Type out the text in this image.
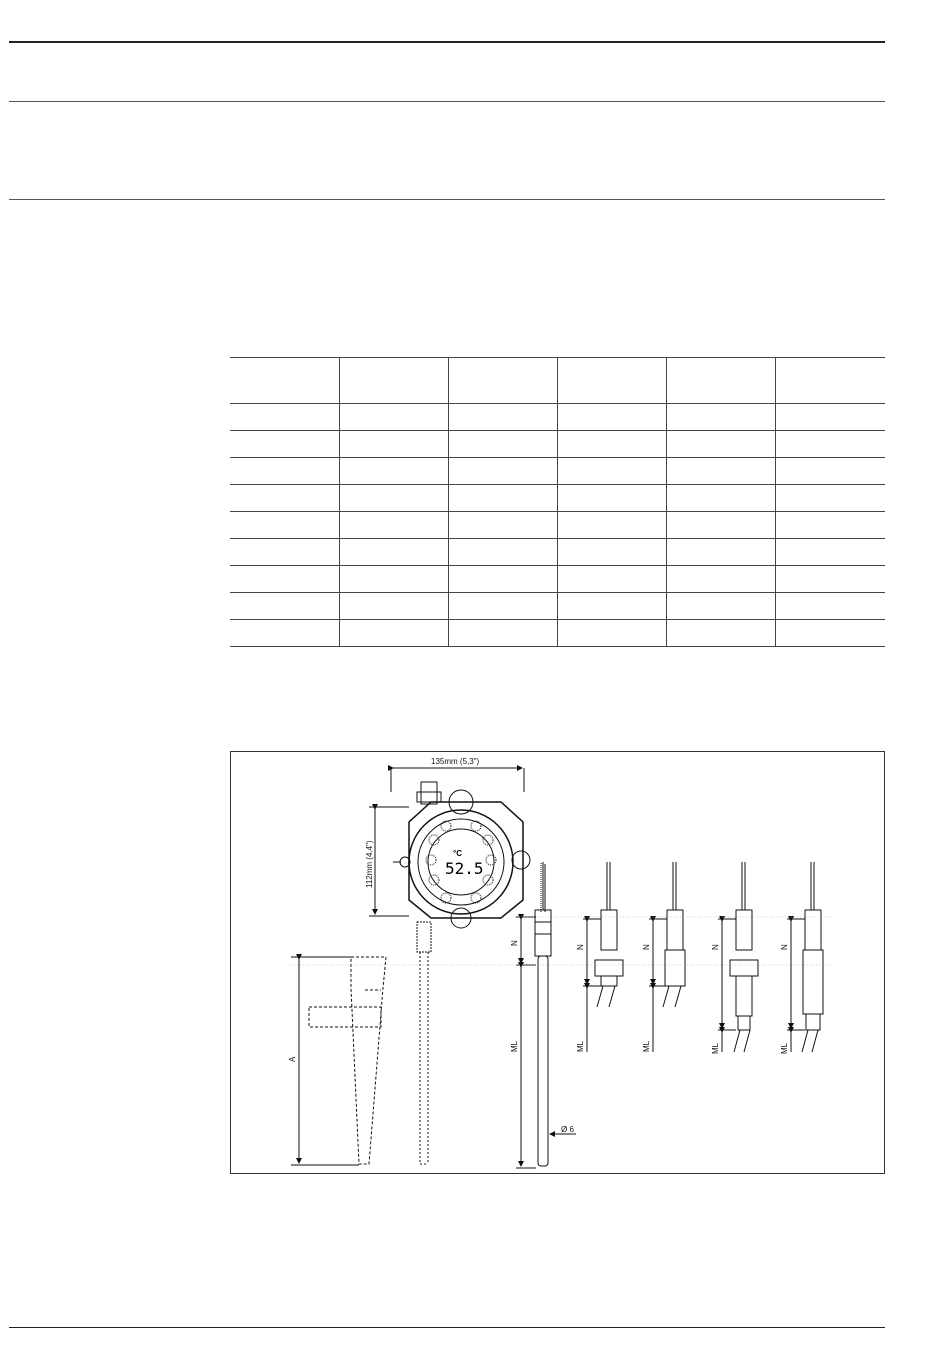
135mm (5,3")
112mm (4,4")	°C
52.5
A
N
ML
N
ML
N
ML
N
ML
N
ML
Ø 6
